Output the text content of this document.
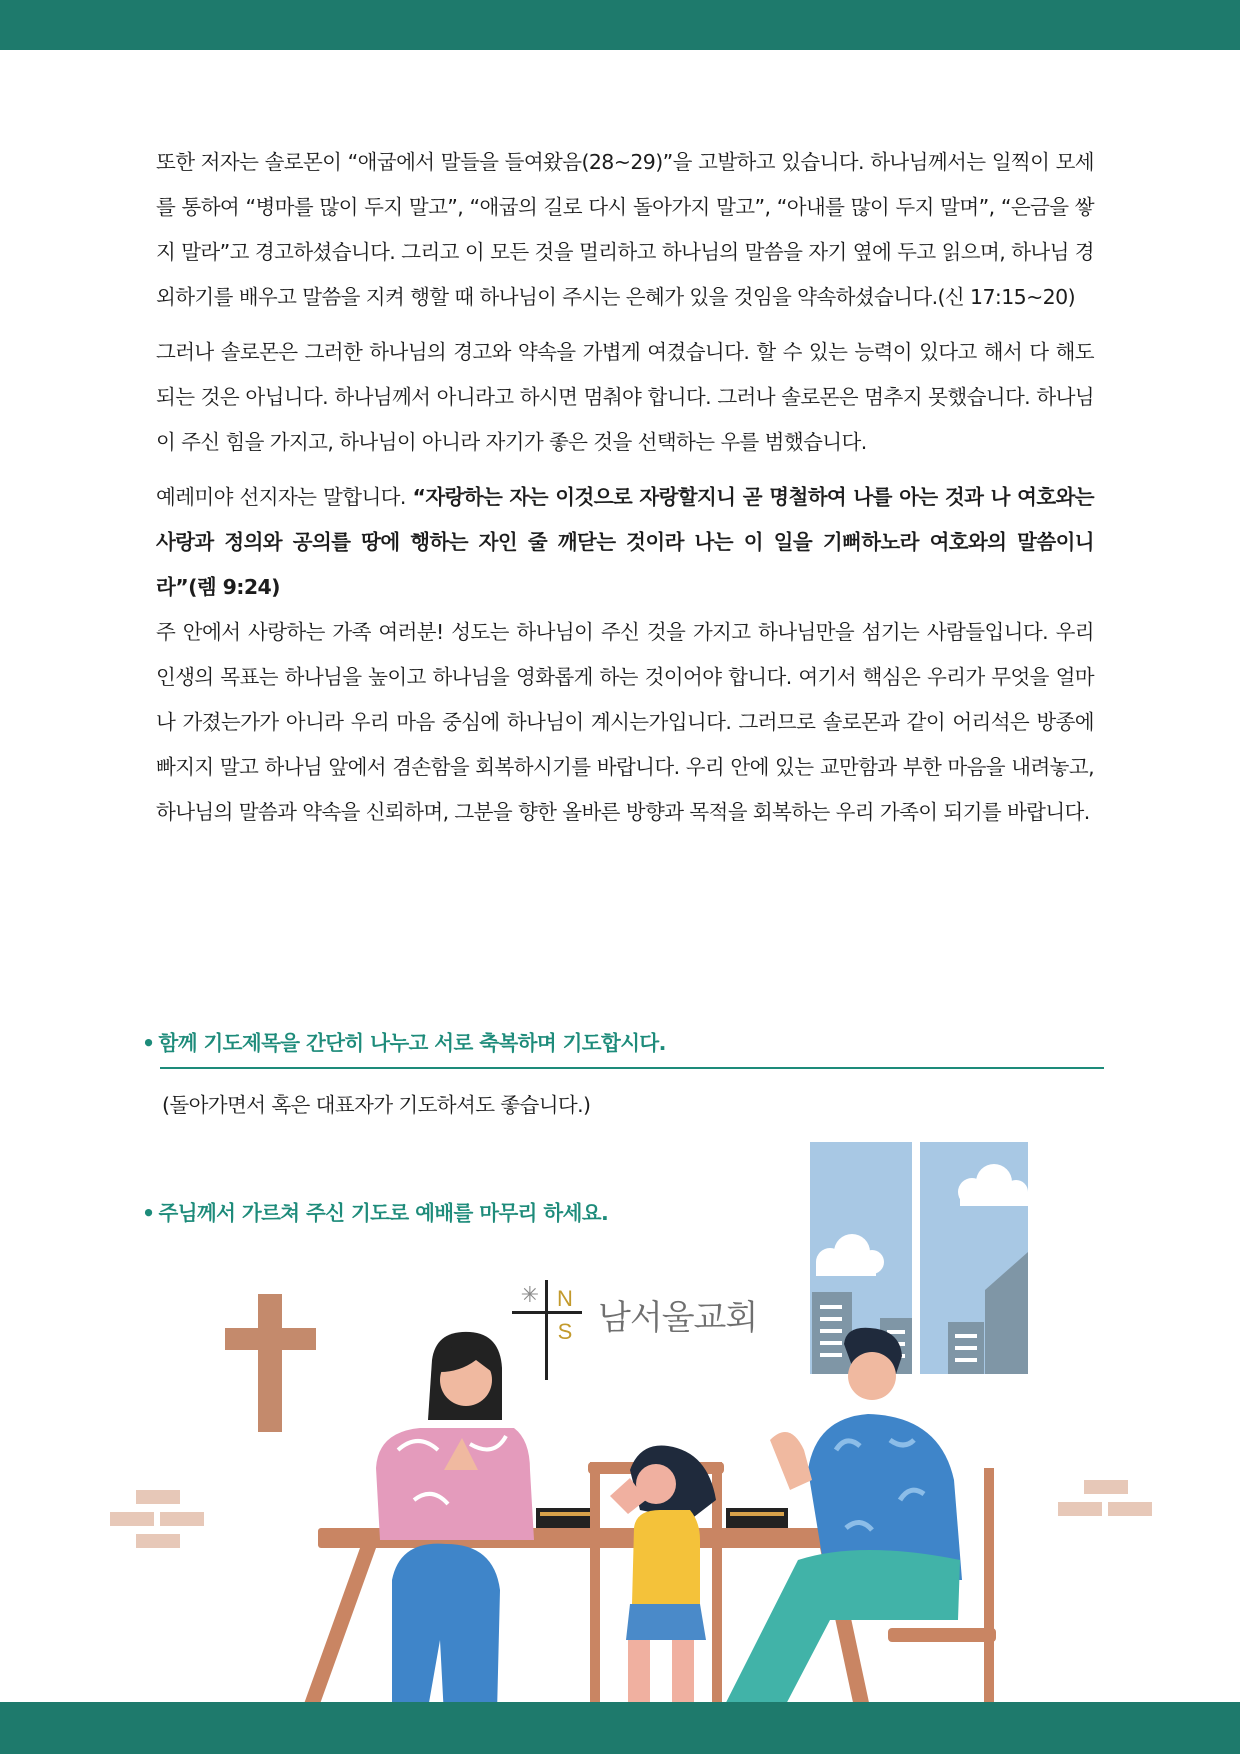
또한 저자는 솔로몬이 “애굽에서 말들을 들여왔음(28~29)”을 고발하고 있습니다. 하나님께서는 일찍이 모세를 통하여 “병마를 많이 두지 말고”, “애굽의 길로 다시 돌아가지 말고”, “아내를 많이 두지 말며”, “은금을 쌓지 말라”고 경고하셨습니다. 그리고 이 모든 것을 멀리하고 하나님의 말씀을 자기 옆에 두고 읽으며, 하나님 경외하기를 배우고 말씀을 지켜 행할 때 하나님이 주시는 은혜가 있을 것임을 약속하셨습니다.(신 17:15~20)

그러나 솔로몬은 그러한 하나님의 경고와 약속을 가볍게 여겼습니다. 할 수 있는 능력이 있다고 해서 다 해도 되는 것은 아닙니다. 하나님께서 아니라고 하시면 멈춰야 합니다. 그러나 솔로몬은 멈추지 못했습니다. 하나님이 주신 힘을 가지고, 하나님이 아니라 자기가 좋은 것을 선택하는 우를 범했습니다.

예레미야 선지자는 말합니다. “자랑하는 자는 이것으로 자랑할지니 곧 명철하여 나를 아는 것과 나 여호와는 사랑과 정의와 공의를 땅에 행하는 자인 줄 깨닫는 것이라 나는 이 일을 기뻐하노라 여호와의 말씀이니라”(렘 9:24)

주 안에서 사랑하는 가족 여러분! 성도는 하나님이 주신 것을 가지고 하나님만을 섬기는 사람들입니다. 우리 인생의 목표는 하나님을 높이고 하나님을 영화롭게 하는 것이어야 합니다. 여기서 핵심은 우리가 무엇을 얼마나 가졌는가가 아니라 우리 마음 중심에 하나님이 계시는가입니다. 그러므로 솔로몬과 같이 어리석은 방종에 빠지지 말고 하나님 앞에서 겸손함을 회복하시기를 바랍니다. 우리 안에 있는 교만함과 부한 마음을 내려놓고, 하나님의 말씀과 약속을 신뢰하며, 그분을 향한 올바른 방향과 목적을 회복하는 우리 가족이 되기를 바랍니다.

• 함께 기도제목을 간단히 나누고 서로 축복하며 기도합시다.
(돌아가면서 혹은 대표자가 기도하셔도 좋습니다.)
• 주님께서 가르쳐 주신 기도로 예배를 마무리 하세요.
✳ N
S 남서울교회
